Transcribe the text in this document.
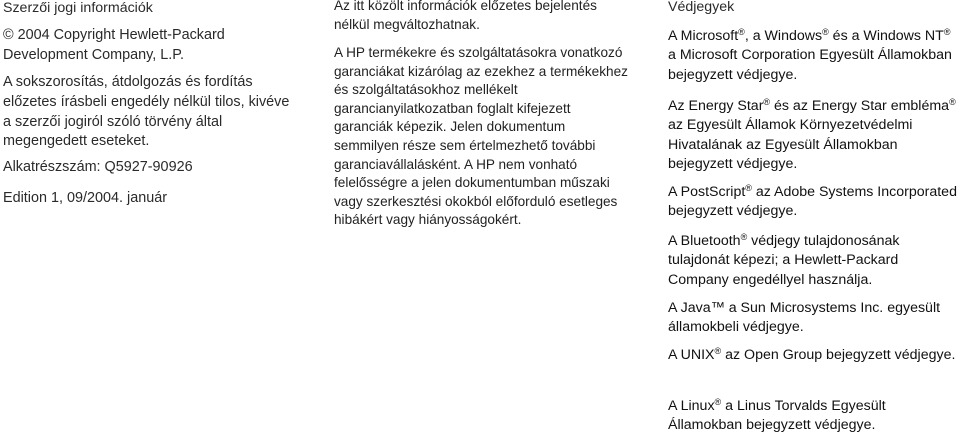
Szerzői jogi információk

© 2004 Copyright Hewlett-Packard Development Company, L.P.

A sokszorosítás, átdolgozás és fordítás előzetes írásbeli engedély nélkül tilos, kivéve a szerzői jogiról szóló törvény által megengedett eseteket.

Alkatrészszám: Q5927-90926

Edition 1, 09/2004. január

Az itt közölt információk előzetes bejelentés nélkül megváltozhatnak.

A HP termékekre és szolgáltatásokra vonatkozó garanciákat kizárólag az ezekhez a termékekhez és szolgáltatásokhoz mellékelt garancianyilatkozatban foglalt kifejezett garanciák képezik. Jelen dokumentum semmilyen része sem értelmezhető további garanciavállalásként. A HP nem vonható felelősségre a jelen dokumentumban műszaki vagy szerkesztési okokból előforduló esetleges hibákért vagy hiányosságokért.

Védjegyek

A Microsoft®, a Windows® és a Windows NT® a Microsoft Corporation Egyesült Államokban bejegyzett védjegye.

Az Energy Star® és az Energy Star embléma® az Egyesült Államok Környezetvédelmi Hivatalának az Egyesült Államokban bejegyzett védjegye.

A PostScript® az Adobe Systems Incorporated bejegyzett védjegye.

A Bluetooth® védjegy tulajdonosának tulajdonát képezi; a Hewlett-Packard Company engedéllyel használja.

A Java™ a Sun Microsystems Inc. egyesült államokbeli védjegye.

A UNIX® az Open Group bejegyzett védjegye.

A Linux® a Linus Torvalds Egyesült Államokban bejegyzett védjegye.
